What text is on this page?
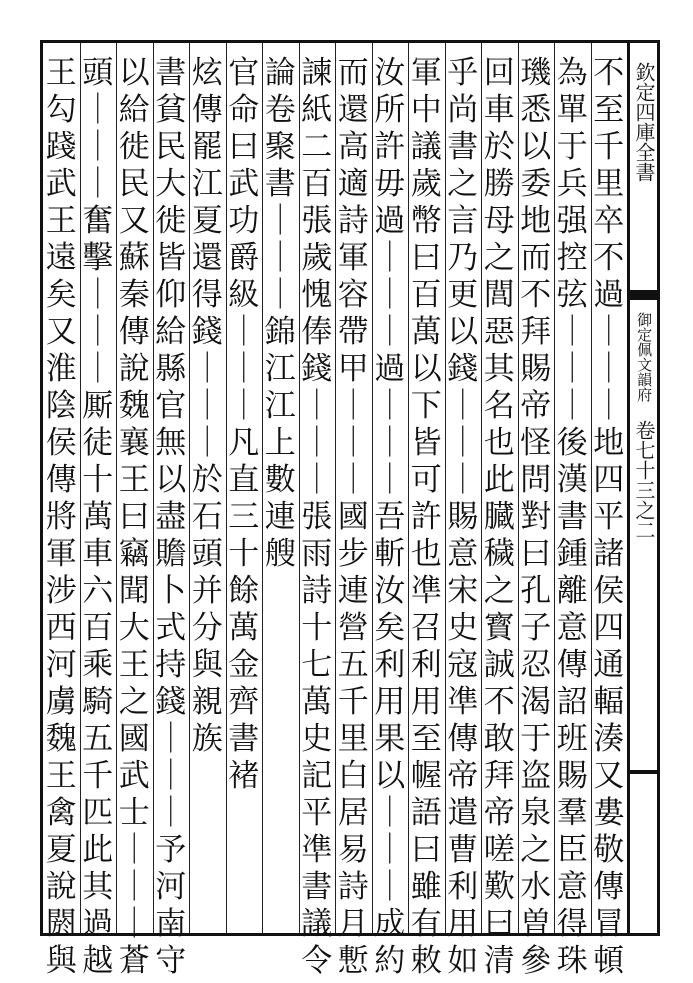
欽定四庫全書
御定佩文韻府
卷七十三之二
不
至
千
里
卒
不
過
｜
｜
｜
地
四
平
諸
侯
四
通
輻
湊
又
婁
敬
傳
冒
頓
為
單
于
兵
强
控
弦
｜
｜
｜
後
漢
書
鍾
離
意
傳
詔
班
賜
羣
臣
意
得
珠
璣
悉
以
委
地
而
不
拜
賜
帝
怪
問
對
曰
孔
子
忍
渴
于
盗
泉
之
水
曽
參
回
車
於
勝
母
之
閭
惡
其
名
也
此
臓
穢
之
寳
誠
不
敢
拜
帝
嗟
歎
曰
清
乎
尚
書
之
言
乃
更
以
錢
｜
｜
｜
賜
意
宋
史
寇
凖
傳
帝
遣
曹
利
用
如
軍
中
議
歲
幣
曰
百
萬
以
下
皆
可
許
也
凖
召
利
用
至
幄
語
曰
雖
有
敕
汝
所
許
毋
過
｜
｜
｜
過
｜
｜
｜
吾
斬
汝
矣
利
用
果
以
｜
｜
｜
成
約
而
還
高
適
詩
軍
容
帶
甲
｜
｜
｜
國
步
連
營
五
千
里
白
居
易
詩
月
慙
諫
紙
二
百
張
歲
愧
俸
錢
｜
｜
｜
張
雨
詩
十
七
萬
史
記
平
凖
書
議
令
論
卷
聚
書
｜
｜
｜
錦
江
江
上
數
連
艘
官
命
曰
武
功
爵
級
｜
｜
｜
凡
直
三
十
餘
萬
金
齊
書
褚
炫
傳
罷
江
夏
還
得
錢
｜
｜
｜
於
石
頭
并
分
與
親
族
書
貧
民
大
徙
皆
仰
給
縣
官
無
以
盡
贍
卜
式
持
錢
｜
｜
｜
予
河
南
守
以
給
徙
民
又
蘇
秦
傳
說
魏
襄
王
曰
竊
聞
大
王
之
國
武
士
｜
｜
｜
蒼
頭
｜
｜
｜
奮
擊
｜
｜
｜
厮
徒
十
萬
車
六
百
乘
騎
五
千
匹
此
其
過
越
王
勾
踐
武
王
遠
矣
又
淮
陰
侯
傳
將
軍
涉
西
河
虜
魏
王
禽
夏
說
閼
與
